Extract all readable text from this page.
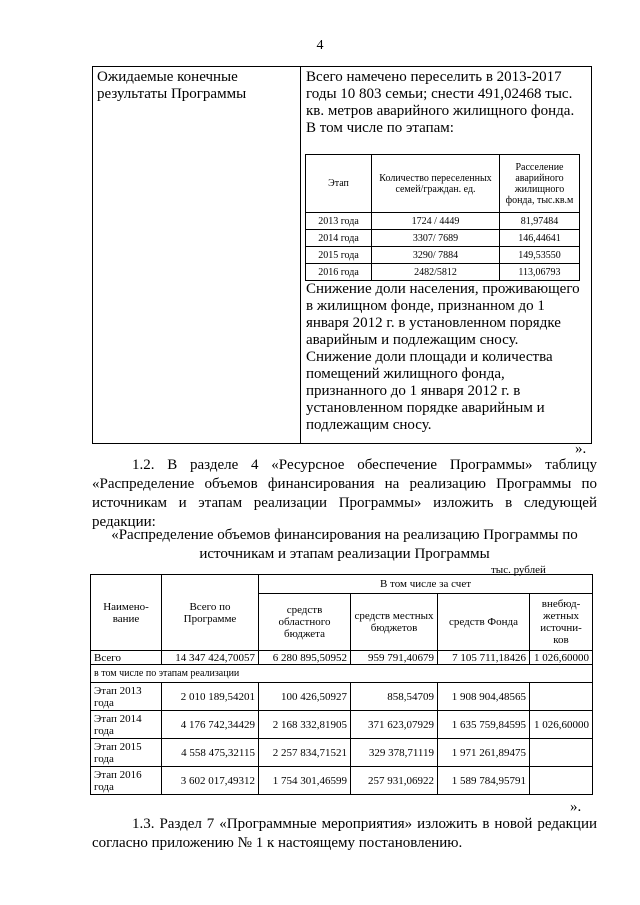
4
Ожидаемые конечные результаты Программы	
Всего намечено переселить в 2013-2017 годы 10 803 семьи; снести 491,02468 тыс. кв. метров аварийного жилищного фонда. В том числе по этапам:
Этап	Количество переселенных семей/граждан. ед.	Расселение аварийного жилищного фонда, тыс.кв.м
2013 года	1724 / 4449	81,97484
2014 года	3307/ 7689	146,44641
2015 года	3290/ 7884	149,53550
2016 года	2482/5812	113,06793
Снижение доли населения, проживающего в жилищном фонде, признанном до 1 января 2012 г. в установленном порядке аварийным и подлежащим сносу.
Снижение доли площади и количества помещений жилищного фонда, признанного до 1 января 2012 г. в установленном порядке аварийным и подлежащим сносу.
».
1.2. В разделе 4 «Ресурсное обеспечение Программы» таблицу «Распределение объемов финансирования на реализацию Программы по источникам и этапам реализации Программы» изложить в следующей редакции:
«Распределение объемов финансирования на реализацию Программы по источникам и этапам реализации Программы
тыс. рублей
Наимено-вание	Всего по Программе	В том числе за счет			
		средств областного бюджета	средств местных бюджетов	средств Фонда	внебюд-жетных источни-ков
Всего	14 347 424,70057	6 280 895,50952	959 791,40679	7 105 711,18426	1 026,60000
в том числе по этапам реализации					
Этап 2013 года	2 010 189,54201	100 426,50927	858,54709	1 908 904,48565	
Этап 2014 года	4 176 742,34429	2 168 332,81905	371 623,07929	1 635 759,84595	1 026,60000
Этап 2015 года	4 558 475,32115	2 257 834,71521	329 378,71119	1 971 261,89475	
Этап 2016 года	3 602 017,49312	1 754 301,46599	257 931,06922	1 589 784,95791	
».
1.3. Раздел 7 «Программные мероприятия» изложить в новой редакции согласно приложению № 1 к настоящему постановлению.
